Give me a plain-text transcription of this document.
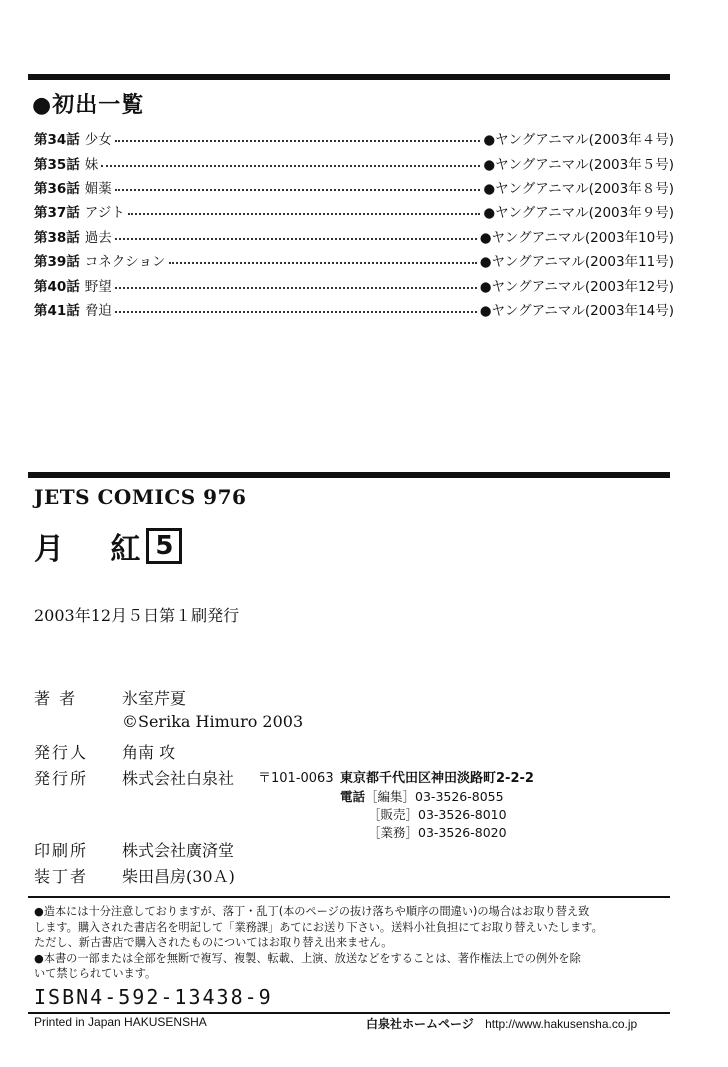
●初出一覧
第34話 少女	●ヤングアニマル(2003年４号)
第35話 妹	●ヤングアニマル(2003年５号)
第36話 媚薬	●ヤングアニマル(2003年８号)
第37話 アジト	●ヤングアニマル(2003年９号)
第38話 過去	●ヤングアニマル(2003年10号)
第39話 コネクション	●ヤングアニマル(2003年11号)
第40話 野望	●ヤングアニマル(2003年12号)
第41話 脅迫	●ヤングアニマル(2003年14号)
JETS COMICS 976
月 紅
5
2003年12月５日第１刷発行
著 者	氷室芹夏
©Serika Himuro 2003
発行人 角南 攻
発行所 株式会社白泉社 〒101-0063 東京都千代田区神田淡路町2-2-2
電話［編集］03-3526-8055
［販売］03-3526-8010
［業務］03-3526-8020
印刷所 株式会社廣済堂
装丁者 柴田昌房(30Ａ)

●造本には十分注意しておりますが、落丁・乱丁(本のページの抜け落ちや順序の間違い)の場合はお取り替え致

します。購入された書店名を明記して「業務課」あてにお送り下さい。送料小社負担にてお取り替えいたします。

ただし、新古書店で購入されたものについてはお取り替え出来ません。

●本書の一部または全部を無断で複写、複製、転載、上演、放送などをすることは、著作権法上での例外を除

いて禁じられています。

ISBN4-592-13438-9
Printed in Japan HAKUSENSHA	白泉社ホームページ http://www.hakusensha.co.jp
